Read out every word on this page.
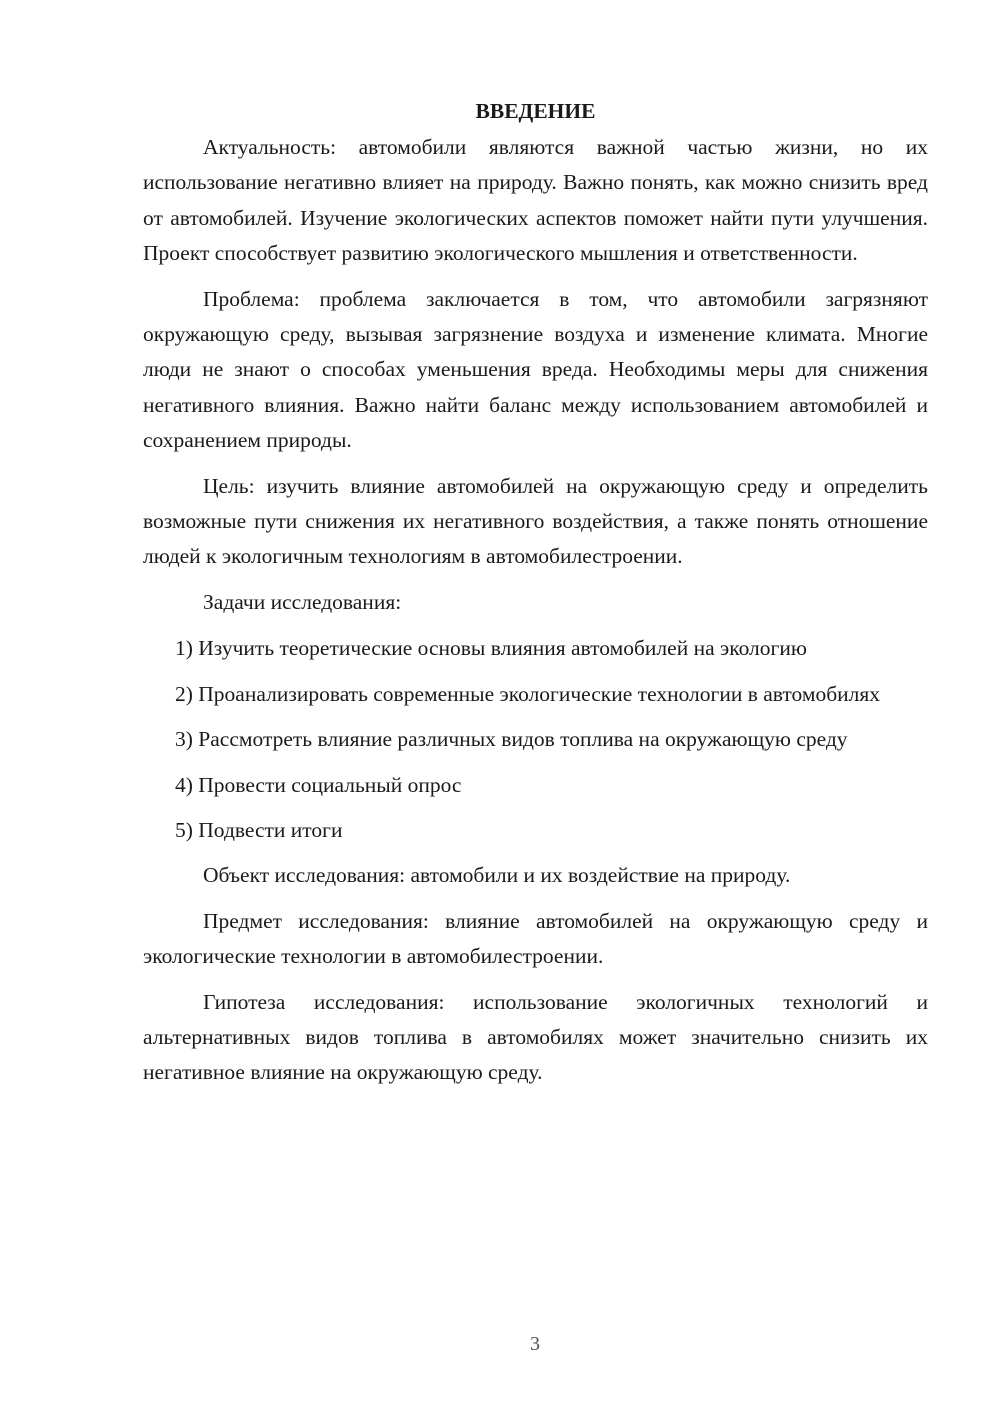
ВВЕДЕНИЕ

Актуальность: автомобили являются важной частью жизни, но их использование негативно влияет на природу. Важно понять, как можно снизить вред от автомобилей. Изучение экологических аспектов поможет найти пути улучшения. Проект способствует развитию экологического мышления и ответственности.

Проблема: проблема заключается в том, что автомобили загрязняют окружающую среду, вызывая загрязнение воздуха и изменение климата. Многие люди не знают о способах уменьшения вреда. Необходимы меры для снижения негативного влияния. Важно найти баланс между использованием автомобилей и сохранением природы.

Цель: изучить влияние автомобилей на окружающую среду и определить возможные пути снижения их негативного воздействия, а также понять отношение людей к экологичным технологиям в автомобилестроении.

Задачи исследования:

1) Изучить теоретические основы влияния автомобилей на экологию

2) Проанализировать современные экологические технологии в автомобилях

3) Рассмотреть влияние различных видов топлива на окружающую среду

4) Провести социальный опрос

5) Подвести итоги

Объект исследования: автомобили и их воздействие на природу.

Предмет исследования: влияние автомобилей на окружающую среду и экологические технологии в автомобилестроении.

Гипотеза исследования: использование экологичных технологий и альтернативных видов топлива в автомобилях может значительно снизить их негативное влияние на окружающую среду.

3
